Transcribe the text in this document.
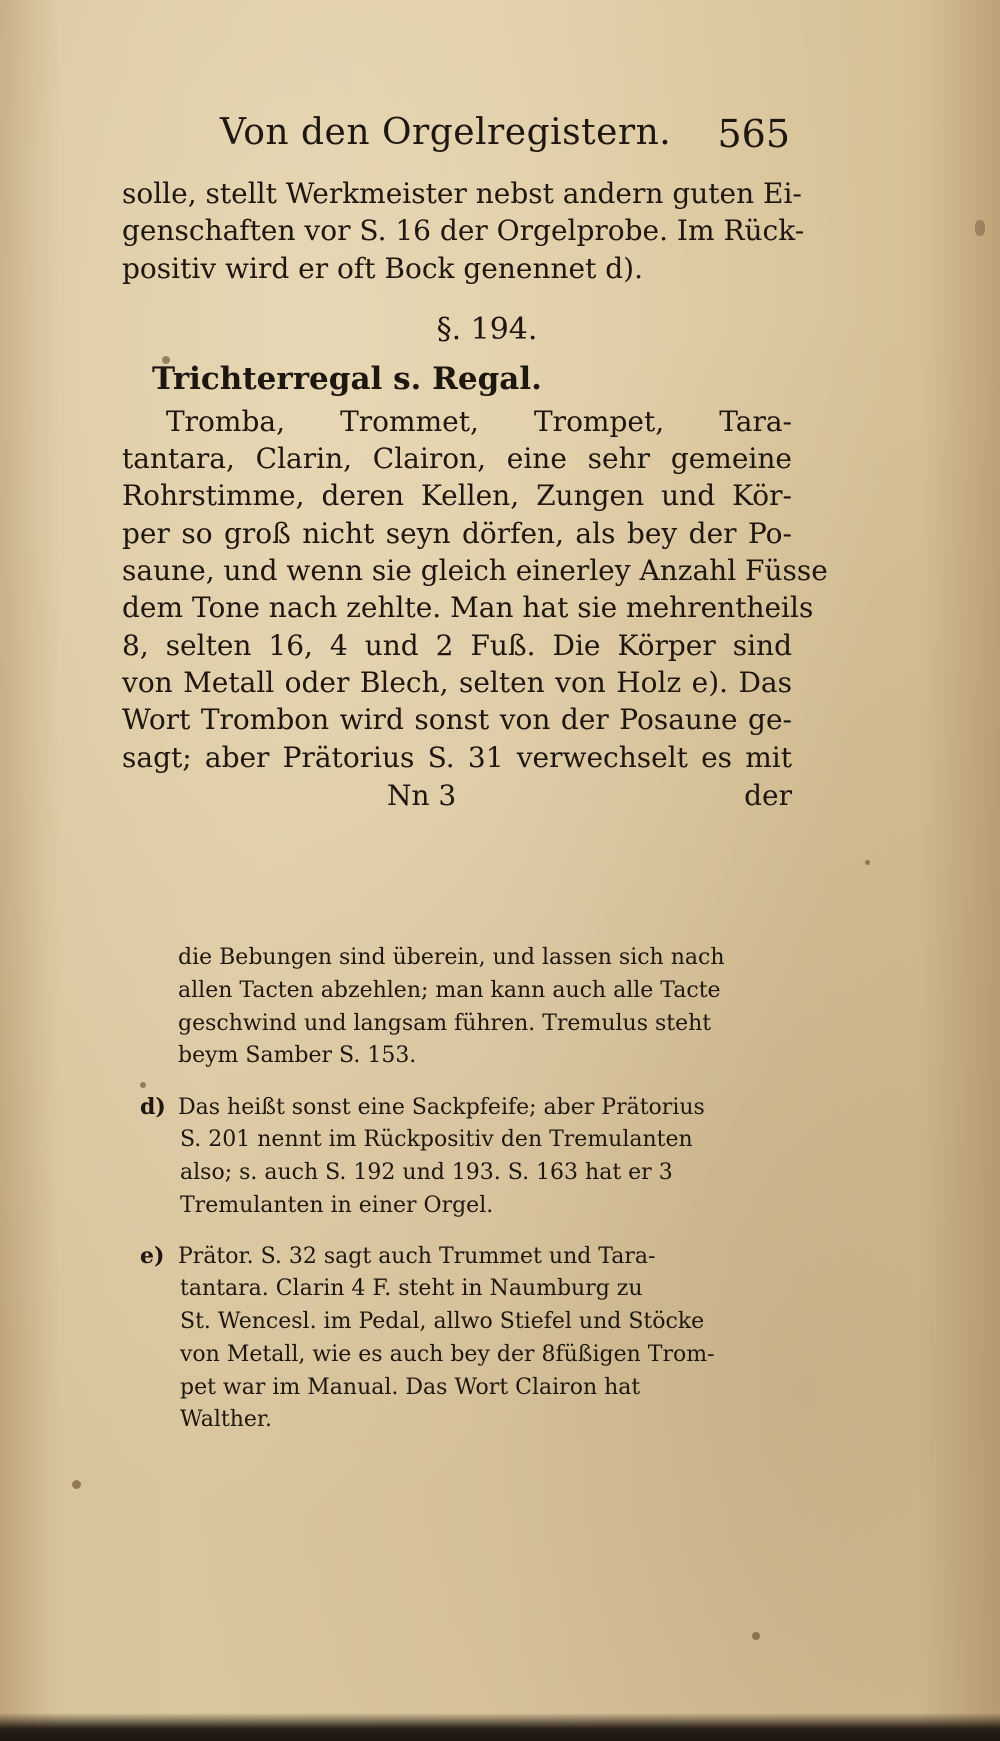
Von den Orgelregistern. 565
solle, stellt Werkmeister nebst andern guten Ei-
genschaften vor S. 16 der Orgelprobe. Im Rück-
positiv wird er oft Bock genennet d).
§. 194.
Trichterregal s. Regal.
Tromba, Trommet, Trompet, Tara-
tantara, Clarin, Clairon, eine sehr gemeine
Rohrstimme, deren Kellen, Zungen und Kör-
per so groß nicht seyn dörfen, als bey der Po-
saune, und wenn sie gleich einerley Anzahl Füsse
dem Tone nach zehlte. Man hat sie mehrentheils
8, selten 16, 4 und 2 Fuß. Die Körper sind
von Metall oder Blech, selten von Holz e). Das
Wort Trombon wird sonst von der Posaune ge-
sagt; aber Prätorius S. 31 verwechselt es mit
Nn 3	der
die Bebungen sind überein, und lassen sich nach
allen Tacten abzehlen; man kann auch alle Tacte
geschwind und langsam führen. Tremulus steht
beym Samber S. 153.
d) Das heißt sonst eine Sackpfeife; aber Prätorius
S. 201 nennt im Rückpositiv den Tremulanten
also; s. auch S. 192 und 193. S. 163 hat er 3
Tremulanten in einer Orgel.
e) Prätor. S. 32 sagt auch Trummet und Tara-
tantara. Clarin 4 F. steht in Naumburg zu
St. Wencesl. im Pedal, allwo Stiefel und Stöcke
von Metall, wie es auch bey der 8füßigen Trom-
pet war im Manual. Das Wort Clairon hat
Walther.
